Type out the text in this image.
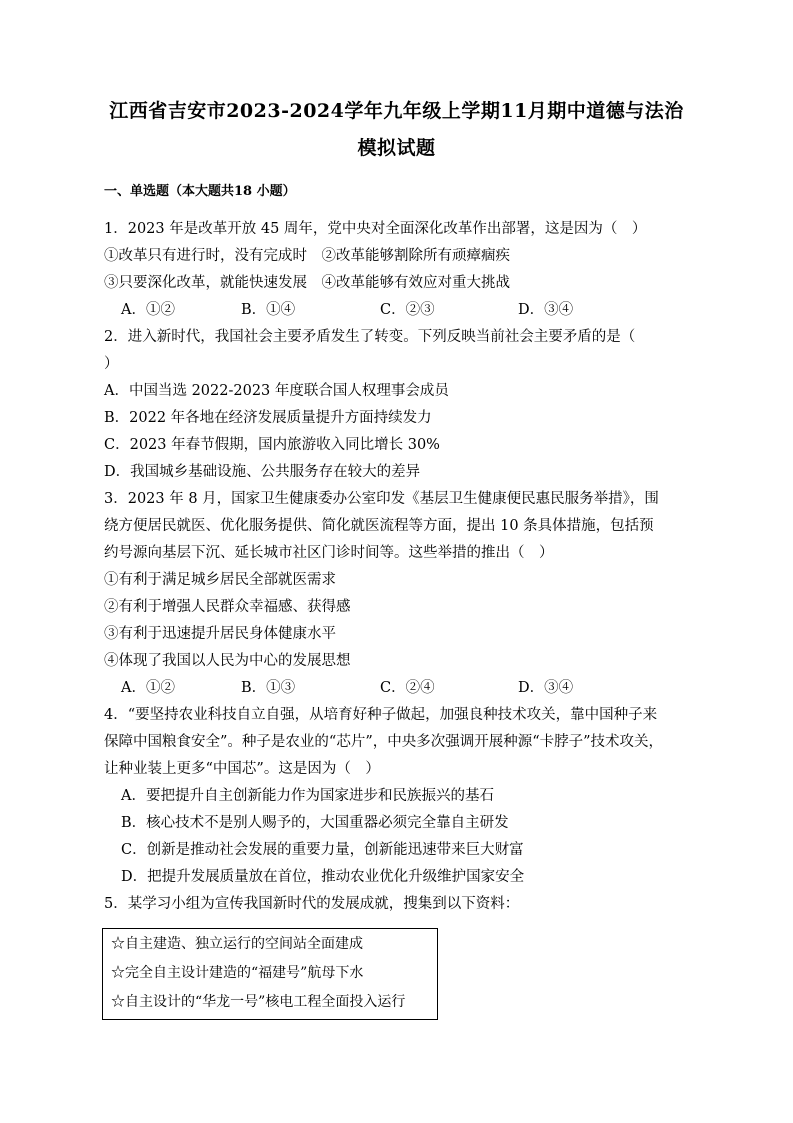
江西省吉安市2023-2024学年九年级上学期11月期中道德与法治
模拟试题
一、单选题（本大题共18 小题）
1．2023 年是改革开放 45 周年，党中央对全面深化改革作出部署，这是因为（　）
①改革只有进行时，没有完成时　②改革能够割除所有顽瘴痼疾
③只要深化改革，就能快速发展　④改革能够有效应对重大挑战
A．①②	B．①④	C．②③	D．③④
2．进入新时代，我国社会主要矛盾发生了转变。下列反映当前社会主要矛盾的是（
）
A．中国当选 2022-2023 年度联合国人权理事会成员
B．2022 年各地在经济发展质量提升方面持续发力
C．2023 年春节假期，国内旅游收入同比增长 30%
D．我国城乡基础设施、公共服务存在较大的差异
3．2023 年 8 月，国家卫生健康委办公室印发《基层卫生健康便民惠民服务举措》，围
绕方便居民就医、优化服务提供、简化就医流程等方面，提出 10 条具体措施，包括预
约号源向基层下沉、延长城市社区门诊时间等。这些举措的推出（　）
①有利于满足城乡居民全部就医需求
②有利于增强人民群众幸福感、获得感
③有利于迅速提升居民身体健康水平
④体现了我国以人民为中心的发展思想
A．①②	B．①③	C．②④	D．③④
4．“要坚持农业科技自立自强，从培育好种子做起，加强良种技术攻关，靠中国种子来
保障中国粮食安全”。种子是农业的“芯片”，中央多次强调开展种源“卡脖子”技术攻关，
让种业装上更多“中国芯”。这是因为（　）
A．要把提升自主创新能力作为国家进步和民族振兴的基石
B．核心技术不是别人赐予的，大国重器必须完全靠自主研发
C．创新是推动社会发展的重要力量，创新能迅速带来巨大财富
D．把提升发展质量放在首位，推动农业优化升级维护国家安全
5．某学习小组为宣传我国新时代的发展成就，搜集到以下资料：
☆自主建造、独立运行的空间站全面建成
☆完全自主设计建造的“福建号”航母下水
☆自主设计的“华龙一号”核电工程全面投入运行
